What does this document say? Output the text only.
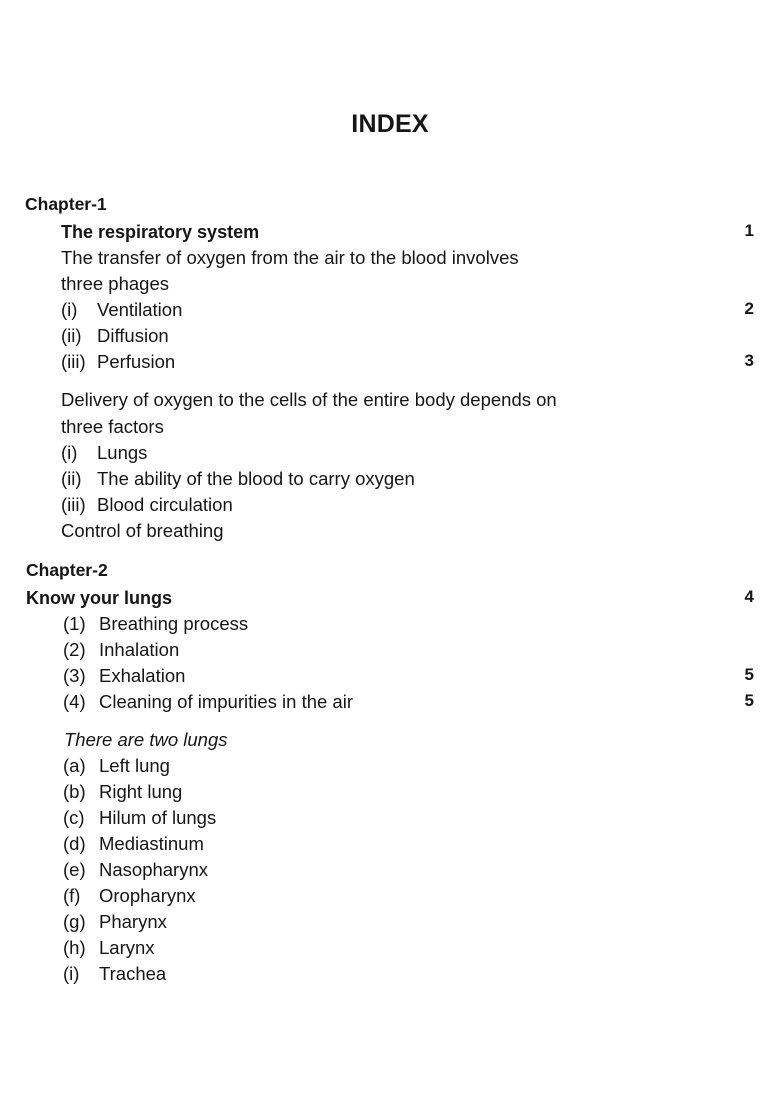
INDEX
Chapter-1
The respiratory system	1
The transfer of oxygen from the air to the blood involves
three phages
(i) Ventilation	2
(ii) Diffusion
(iii) Perfusion	3
Delivery of oxygen to the cells of the entire body depends on
three factors
(i) Lungs
(ii) The ability of the blood to carry oxygen
(iii) Blood circulation
Control of breathing
Chapter-2
Know your lungs	4
(1) Breathing process
(2) Inhalation
(3) Exhalation	5
(4) Cleaning of impurities in the air	5
There are two lungs
(a) Left lung
(b) Right lung
(c) Hilum of lungs
(d) Mediastinum
(e) Nasopharynx
(f) Oropharynx
(g) Pharynx
(h) Larynx
(i) Trachea
